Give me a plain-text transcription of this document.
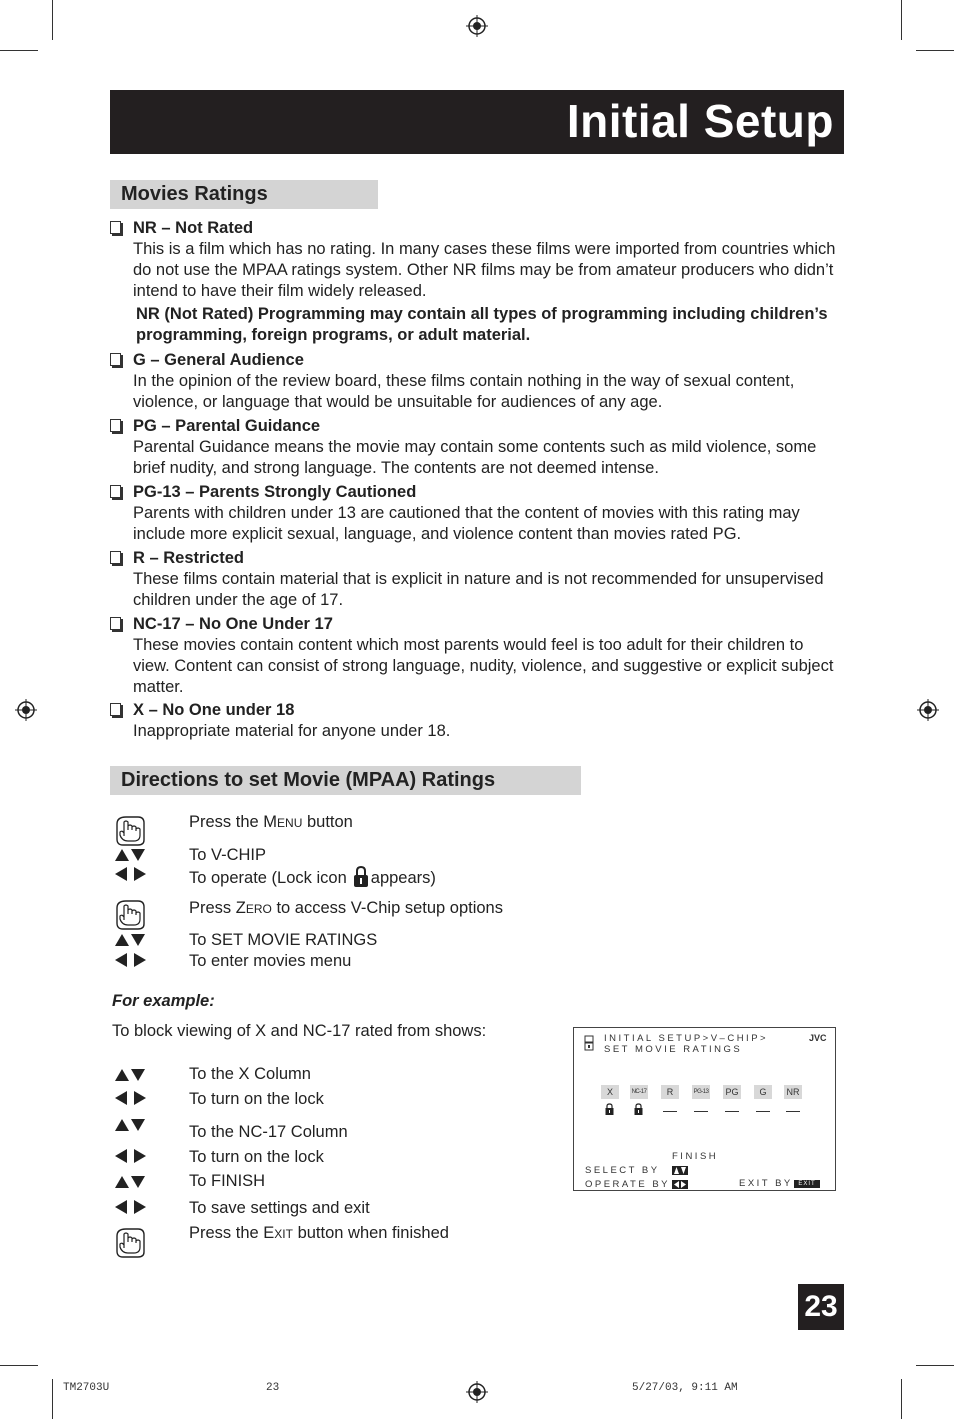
Initial Setup
Movies Ratings
NR – Not Rated
This is a film which has no rating. In many cases these films were imported from countries which do not use the MPAA ratings system. Other NR films may be from amateur producers who didn’t intend to have their film widely released.
NR (Not Rated) Programming may contain all types of programming including children’s programming, foreign programs, or adult material.
G – General Audience
In the opinion of the review board, these films contain nothing in the way of sexual content, violence, or language that would be unsuitable for audiences of any age.
PG – Parental Guidance
Parental Guidance means the movie may contain some contents such as mild violence, some brief nudity, and strong language. The contents are not deemed intense.
PG-13 – Parents Strongly Cautioned
Parents with children under 13 are cautioned that the content of movies with this rating may include more explicit sexual, language, and violence content than movies rated PG.
R – Restricted
These films contain material that is explicit in nature and is not recommended for unsupervised children under the age of 17.
NC-17 – No One Under 17
These movies contain content which most parents would feel is too adult for their children to view. Content can consist of strong language, nudity, violence, and suggestive or explicit subject matter.
X – No One under 18
Inappropriate material for anyone under 18.
Directions to set Movie (MPAA) Ratings
Press the Menu button
To V-CHIP
To operate (Lock icon appears)
Press Zero to access V-Chip setup options
To SET MOVIE RATINGS
To enter movies menu
For example:
To block viewing of X and NC-17 rated from shows:
To the X Column
To turn on the lock
To the NC-17 Column
To turn on the lock
To FINISH
To save settings and exit
Press the Exit button when finished
INITIAL SETUP>V–CHIP>
SET MOVIE RATINGS
JVC
X	NC-17	R	PG-13 PG	G	NR
FINISH
SELECT BY
OPERATE BY	EXIT BY EXIT
23
TM2703U	23	5/27/03, 9:11 AM
